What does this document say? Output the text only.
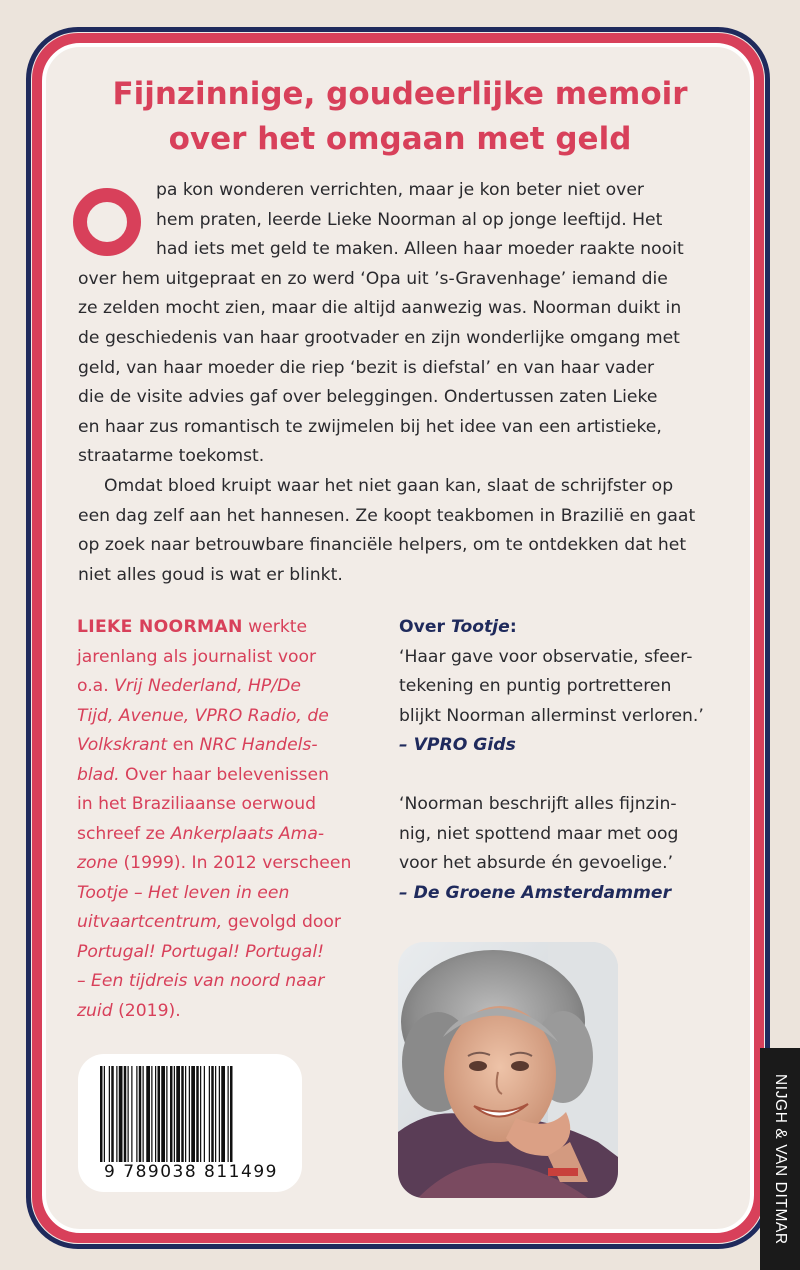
Fijnzinnige, goudeerlijke memoir
over het omgaan met geld
pa kon wonderen verrichten, maar je kon beter niet over
hem praten, leerde Lieke Noorman al op jonge leeftijd. Het
had iets met geld te maken. Alleen haar moeder raakte nooit
over hem uitgepraat en zo werd ‘Opa uit ’s-Gravenhage’ iemand die
ze zelden mocht zien, maar die altijd aanwezig was. Noorman duikt in
de geschiedenis van haar grootvader en zijn wonderlijke omgang met
geld, van haar moeder die riep ‘bezit is diefstal’ en van haar vader
die de visite advies gaf over beleggingen. Ondertussen zaten Lieke
en haar zus romantisch te zwijmelen bij het idee van een artistieke,
straatarme toekomst.
Omdat bloed kruipt waar het niet gaan kan, slaat de schrijfster op
een dag zelf aan het hannesen. Ze koopt teakbomen in Brazilië en gaat
op zoek naar betrouwbare financiële helpers, om te ontdekken dat het
niet alles goud is wat er blinkt.
LIEKE NOORMAN werkte
jarenlang als journalist voor
o.a. Vrij Nederland, HP/De
Tijd, Avenue, VPRO Radio, de
Volkskrant en NRC Handels-
blad. Over haar belevenissen
in het Braziliaanse oerwoud
schreef ze Ankerplaats Ama-
zone (1999). In 2012 verscheen
Tootje – Het leven in een
uitvaartcentrum, gevolgd door
Portugal! Portugal! Portugal!
– Een tijdreis van noord naar
zuid (2019).
Over Tootje:
‘Haar gave voor observatie, sfeer-
tekening en puntig portretteren
blijkt Noorman allerminst verloren.’
– VPRO Gids
‘Noorman beschrijft alles fijnzin-
nig, niet spottend maar met oog
voor het absurde én gevoelige.’
– De Groene Amsterdammer
9 789038 811499	NIJGH & VAN DITMAR
